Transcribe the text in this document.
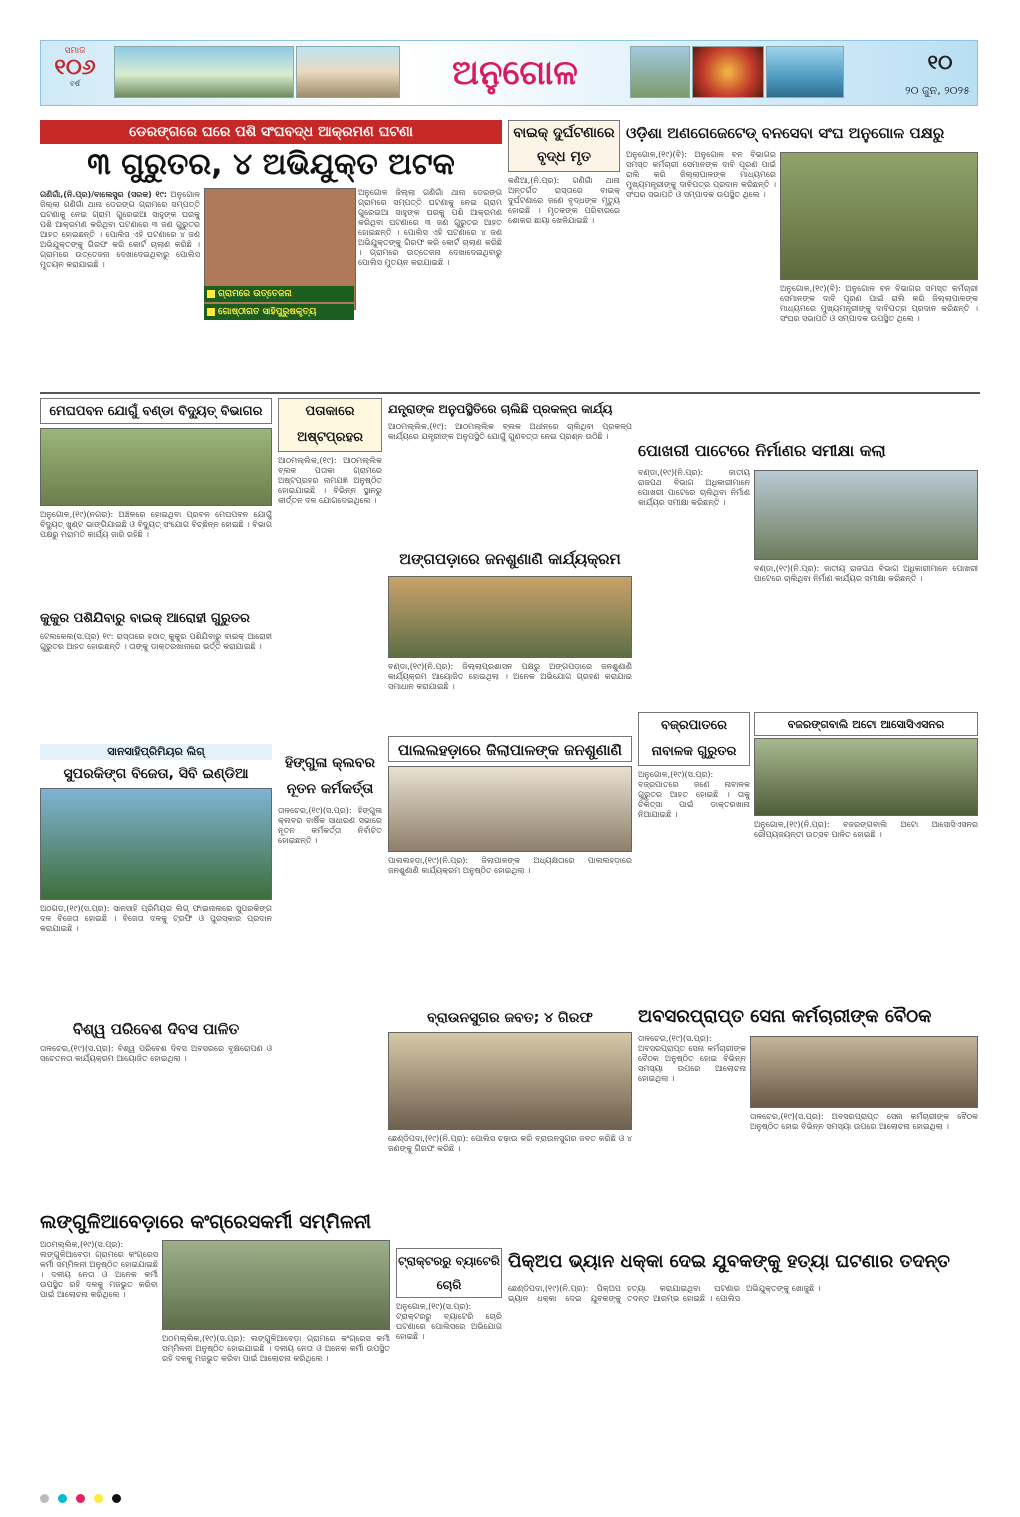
ସମାଜ
୧୦୬
ବର୍ଷ	ଅନୁଗୋଳ	୧୦
୨୦ ଜୁନ, ୨୦୨୫
ଡେରଙ୍ଗରେ ଘରେ ପଶି ସଂଘବଦ୍ଧ ଆକ୍ରମଣ ଘଟଣା
୩ ଗୁରୁତର, ୪ ଅଭିଯୁକ୍ତ ଅଟକ
ଗଣିଗାଁ,(ନି.ପ୍ର)/ବାଲେସୁର (ସରକ) ୧୯: ଅନୁଗୋଳ ଜିଲ୍ଲା ଗଣିଗାଁ ଥାନା ଡେରଙ୍ଗ ଗ୍ରାମରେ ସମ୍ପତ୍ତି ଘଟଣାକୁ ନେଇ ଗ୍ରାମ ଗୁରେଇଆ ସାହୁଙ୍କ ଘରକୁ ପଶି ଆକ୍ରମଣ କରିଥିବା ଘଟଣାରେ ୩ ଜଣ ଗୁରୁତର ଆହତ ହୋଇଛନ୍ତି । ପୋଲିସ ଏହି ଘଟଣାରେ ୪ ଜଣ ଅଭିଯୁକ୍ତଙ୍କୁ ଗିରଫ କରି କୋର୍ଟ ଚାଲାଣ କରିଛି । ଗ୍ରାମରେ ଉତ୍ତେଜନା ଦେଖାଦେଇଥିବାରୁ ପୋଲିସ ମୁତୟନ କରାଯାଇଛି ।
ଗ୍ରାମରେ ଉତ୍ତେଜନା
ଗୋଷ୍ଠୀଗତ ସାହିପୁରୁଷକୃତ୍ୟ
ଅନୁଗୋଳ ଜିଲ୍ଲା ଗଣିଗାଁ ଥାନା ଡେରଙ୍ଗ ଗ୍ରାମରେ ସମ୍ପତ୍ତି ଘଟଣାକୁ ନେଇ ଗ୍ରାମ ଗୁରେଇଆ ସାହୁଙ୍କ ଘରକୁ ପଶି ଆକ୍ରମଣ କରିଥିବା ଘଟଣାରେ ୩ ଜଣ ଗୁରୁତର ଆହତ ହୋଇଛନ୍ତି । ପୋଲିସ ଏହି ଘଟଣାରେ ୪ ଜଣ ଅଭିଯୁକ୍ତଙ୍କୁ ଗିରଫ କରି କୋର୍ଟ ଚାଲାଣ କରିଛି । ଗ୍ରାମରେ ଉତ୍ତେଜନା ଦେଖାଦେଇଥିବାରୁ ପୋଲିସ ମୁତୟନ କରାଯାଇଛି ।
ବାଇକ୍ ଦୁର୍ଘଟଣାରେ ବୃଦ୍ଧ ମୃତ
କଣିଆ,(ନି.ପ୍ର): ଗଣିଗାଁ ଥାନା ଅନ୍ତର୍ଗତ ରାସ୍ତାରେ ବାଇକ୍ ଦୁର୍ଘଟଣାରେ ଜଣେ ବୃଦ୍ଧଙ୍କ ମୃତ୍ୟୁ ହୋଇଛି । ମୃତକଙ୍କ ପରିବାରରେ ଶୋକର ଛାୟା ଖେଳିଯାଇଛି ।
ଓଡ଼ିଶା ଅଣଗେଜେଟେଡ୍ ବନସେବା ସଂଘ ଅନୁଗୋଳ ପକ୍ଷରୁ
ଅନୁଗୋଳ,(୧୯)(ବି): ଅନୁଗୋଳ ବନ ବିଭାଗର ସମସ୍ତ କର୍ମଚାରୀ ସେମାନଙ୍କ ଦାବି ପୂରଣ ପାଇଁ ରାଲି କରି ଜିଲ୍ଲାପାଳଙ୍କ ମାଧ୍ୟମରେ ମୁଖ୍ୟମନ୍ତ୍ରୀଙ୍କୁ ଦାବିପତ୍ର ପ୍ରଦାନ କରିଛନ୍ତି । ସଂଘର ସଭାପତି ଓ ସମ୍ପାଦକ ଉପସ୍ଥିତ ଥିଲେ ।
ଅନୁଗୋଳ,(୧୯)(ବି): ଅନୁଗୋଳ ବନ ବିଭାଗର ସମସ୍ତ କର୍ମଚାରୀ ସେମାନଙ୍କ ଦାବି ପୂରଣ ପାଇଁ ରାଲି କରି ଜିଲ୍ଲାପାଳଙ୍କ ମାଧ୍ୟମରେ ମୁଖ୍ୟମନ୍ତ୍ରୀଙ୍କୁ ଦାବିପତ୍ର ପ୍ରଦାନ କରିଛନ୍ତି । ସଂଘର ସଭାପତି ଓ ସମ୍ପାଦକ ଉପସ୍ଥିତ ଥିଲେ ।
ମେଘପବନ ଯୋଗୁଁ ବଣ୍ଡା ବିଦ୍ୟୁତ୍ ବିଭାଗର
ଅନୁଗୋଳ,(୧୯)(ନଗର): ଅଞ୍ଚଳରେ ହୋଇଥିବା ପ୍ରବଳ ମେଘପବନ ଯୋଗୁଁ ବିଦ୍ୟୁତ୍ ଖୁଣ୍ଟ ଭାଙ୍ଗିଯାଇଛି ଓ ବିଦ୍ୟୁତ୍ ସଂଯୋଗ ବିଚ୍ଛିନ୍ନ ହୋଇଛି । ବିଭାଗ ପକ୍ଷରୁ ମରାମତି କାର୍ଯ୍ୟ ଜାରି ରହିଛି ।
କୁକୁର ପଶିଯିବାରୁ ବାଇକ୍ ଆରୋହୀ ଗୁରୁତର
ଟେଲକେଲ(ସ.ପ୍ର) ୧୯: ରାସ୍ତାରେ ହଠାତ୍ କୁକୁର ପଶିଯିବାରୁ ବାଇକ୍ ଆରୋହୀ ଗୁରୁତର ଆହତ ହୋଇଛନ୍ତି । ତାଙ୍କୁ ଡାକ୍ତରଖାନାରେ ଭର୍ତ୍ତି କରାଯାଇଛି ।
ସାନସାହିପ୍ରିମିୟର ଲିଗ୍
ସୁପରକିଙ୍ଗ ବିଜେତା, ସିବି ଇଣ୍ଡିଆ
ଅଠଗଡ,(୧୯)(ସ.ପ୍ର): ସାନସାହି ପ୍ରିମିୟର ଲିଗ୍ ଫାଇନାଲରେ ସୁପରକିଙ୍ଗ ଦଳ ବିଜେତା ହୋଇଛି । ବିଜେତା ଦଳକୁ ଟ୍ରଫି ଓ ପୁରସ୍କାର ପ୍ରଦାନ କରାଯାଇଛି ।
ବିଶ୍ୱ ପରିବେଶ ଦିବସ ପାଳିତ
ତାଳଚେର,(୧୯)(ସ.ପ୍ର): ବିଶ୍ୱ ପରିବେଶ ଦିବସ ଅବସରରେ ବୃକ୍ଷରୋପଣ ଓ ସଚେତନତା କାର୍ଯ୍ୟକ୍ରମ ଆୟୋଜିତ ହୋଇଥିଲା ।
ଲଙ୍ଗୁଳିଆବେଡ଼ାରେ କଂଗ୍ରେସକର୍ମୀ ସମ୍ମିଳନୀ
ଅଠମଲ୍ଲିକ,(୧୯)(ସ.ପ୍ର): ଲଙ୍ଗୁଳିଆବେଡ଼ା ଗ୍ରାମରେ କଂଗ୍ରେସ କର୍ମୀ ସମ୍ମିଳନୀ ଅନୁଷ୍ଠିତ ହୋଇଯାଇଛି । ଦଳୀୟ ନେତା ଓ ଅନେକ କର୍ମୀ ଉପସ୍ଥିତ ରହି ଦଳକୁ ମଜଭୁତ କରିବା ପାଇଁ ଆଲୋଚନା କରିଥିଲେ ।
ଅଠମଲ୍ଲିକ,(୧୯)(ସ.ପ୍ର): ଲଙ୍ଗୁଳିଆବେଡ଼ା ଗ୍ରାମରେ କଂଗ୍ରେସ କର୍ମୀ ସମ୍ମିଳନୀ ଅନୁଷ୍ଠିତ ହୋଇଯାଇଛି । ଦଳୀୟ ନେତା ଓ ଅନେକ କର୍ମୀ ଉପସ୍ଥିତ ରହି ଦଳକୁ ମଜଭୁତ କରିବା ପାଇଁ ଆଲୋଚନା କରିଥିଲେ ।
ପତାକାରେ ଅଷ୍ଟପ୍ରହର
ଆଠମଲ୍ଲିକ,(୧୯): ଆଠମଲ୍ଲିକ ବ୍ଲକ ପତାକା ଗ୍ରାମରେ ଅଷ୍ଟପ୍ରହର ନାମଯଜ୍ଞ ଅନୁଷ୍ଠିତ ହୋଇଯାଇଛି । ବିଭିନ୍ନ ସ୍ଥାନରୁ କୀର୍ତ୍ତନ ଦଳ ଯୋଗଦେଇଥିଲେ ।
ହିଙ୍ଗୁଳା କ୍ଲବର ନୂତନ କର୍ମକର୍ତ୍ତା
ତାଳଚେର,(୧୯)(ସ.ପ୍ର): ହିଙ୍ଗୁଳା କ୍ଲବର ବାର୍ଷିକ ସାଧାରଣ ସଭାରେ ନୂତନ କର୍ମକର୍ତ୍ତା ନିର୍ବାଚିତ ହୋଇଛନ୍ତି ।
ଯନ୍ତ୍ରାଙ୍କ ଅନୁପସ୍ଥିତିରେ ଚାଲିଛି ପ୍ରକଳ୍ପ କାର୍ଯ୍ୟ
ଆଠମଲ୍ଲିକ,(୧୯): ଆଠମଲ୍ଲିକ ବ୍ଲକ ଅଧୀନରେ ଚାଲିଥିବା ପ୍ରକଳ୍ପ କାର୍ଯ୍ୟରେ ଯନ୍ତ୍ରୀଙ୍କ ଅନୁପସ୍ଥିତି ଯୋଗୁଁ ଗୁଣବତ୍ତା ନେଇ ପ୍ରଶ୍ନ ଉଠିଛି ।
ଅଙ୍ଗପଡ଼ାରେ ଜନଶୁଣାଣି କାର୍ଯ୍ୟକ୍ରମ
ବଣ୍ଡା,(୧୯)(ନି.ପ୍ର): ଜିଲ୍ଲାପ୍ରଶାସନ ପକ୍ଷରୁ ଅଙ୍ଗପଡ଼ାରେ ଜନଶୁଣାଣି କାର୍ଯ୍ୟକ୍ରମ ଆୟୋଜିତ ହୋଇଥିଲା । ଅନେକ ଅଭିଯୋଗ ଗ୍ରହଣ କରାଯାଇ ସମାଧାନ କରାଯାଇଛି ।
ପାଲଲହଡ଼ାରେ ଜିଲାପାଳଙ୍କ ଜନଶୁଣାଣି
ପାଲଲହଡ଼ା,(୧୯)(ନି.ପ୍ର): ଜିଲାପାଳଙ୍କ ଅଧ୍ୟକ୍ଷତାରେ ପାଲଲହଡ଼ାରେ ଜନଶୁଣାଣି କାର୍ଯ୍ୟକ୍ରମ ଅନୁଷ୍ଠିତ ହୋଇଥିଲା ।
ବ୍ରାଉନସୁଗର ଜବତ; ୪ ଗିରଫ
ଛେଣ୍ଡିପଦା,(୧୯)(ନି.ପ୍ର): ପୋଲିସ ଚଢ଼ାଉ କରି ବ୍ରାଉନସୁଗର ଜବତ କରିଛି ଓ ୪ ଜଣଙ୍କୁ ଗିରଫ କରିଛି ।
ପୋଖରୀ ପାଟେରେ ନିର୍ମାଣର ସମୀକ୍ଷା କଲା
ବଣ୍ଡା,(୧୯)(ନି.ପ୍ର): ଜାତୀୟ ରାଜପଥ ବିଭାଗ ଅଧିକାରୀମାନେ ପୋଖରୀ ପାଟେରେ ଚାଲିଥିବା ନିର୍ମାଣ କାର୍ଯ୍ୟର ସମୀକ୍ଷା କରିଛନ୍ତି ।
ବଣ୍ଡା,(୧୯)(ନି.ପ୍ର): ଜାତୀୟ ରାଜପଥ ବିଭାଗ ଅଧିକାରୀମାନେ ପୋଖରୀ ପାଟେରେ ଚାଲିଥିବା ନିର୍ମାଣ କାର୍ଯ୍ୟର ସମୀକ୍ଷା କରିଛନ୍ତି ।
ବଜ୍ରପାତରେ ନାବାଳକ ଗୁରୁତର
ଅନୁଗୋଳ,(୧୯)(ସ.ପ୍ର): ବଜ୍ରପାତରେ ଜଣେ ନାବାଳକ ଗୁରୁତର ଆହତ ହୋଇଛି । ତାକୁ ଚିକିତ୍ସା ପାଇଁ ଡାକ୍ତରଖାନା ନିଆଯାଇଛି ।
ବଜରଙ୍ଗବାଲି ଅଟୋ ଆସୋସିଏସନର
ଅନୁଗୋଳ,(୧୯)(ନି.ପ୍ର): ବଜରଙ୍ଗବାଲି ଅଟୋ ଆସୋସିଏସନର ରୌପ୍ୟଜୟନ୍ତୀ ଉତ୍ସବ ପାଳିତ ହୋଇଛି ।
ଅବସରପ୍ରାପ୍ତ ସେନା କର୍ମଚାରୀଙ୍କ ବୈଠକ
ତାଳଚେର,(୧୯)(ସ.ପ୍ର): ଅବସରପ୍ରାପ୍ତ ସେନା କର୍ମଚାରୀଙ୍କ ବୈଠକ ଅନୁଷ୍ଠିତ ହୋଇ ବିଭିନ୍ନ ସମସ୍ୟା ଉପରେ ଆଲୋଚନା ହୋଇଥିଲା ।
ତାଳଚେର,(୧୯)(ସ.ପ୍ର): ଅବସରପ୍ରାପ୍ତ ସେନା କର୍ମଚାରୀଙ୍କ ବୈଠକ ଅନୁଷ୍ଠିତ ହୋଇ ବିଭିନ୍ନ ସମସ୍ୟା ଉପରେ ଆଲୋଚନା ହୋଇଥିଲା ।
ଟ୍ରାକ୍ଟରରୁ ବ୍ୟାଟେରି ଚୋରି
ଅନୁଗୋଳ,(୧୯)(ସ.ପ୍ର): ଟ୍ରାକ୍ଟରରୁ ବ୍ୟାଟେରି ଚୋରି ଘଟଣାରେ ପୋଲିସରେ ଅଭିଯୋଗ ହୋଇଛି ।
ପିକ୍‌ଅପ ଭ୍ୟାନ ଧକ୍କା ଦେଇ ଯୁବକଙ୍କୁ ହତ୍ୟା ଘଟଣାର ତଦନ୍ତ
ଛେଣ୍ଡିପଦା,(୧୯)(ନି.ପ୍ର): ପିକ୍‌ଅପ ଭ୍ୟାନ ଧକ୍କା ଦେଇ ଯୁବକଙ୍କୁ ହତ୍ୟା କରାଯାଇଥିବା ଘଟଣାର ତଦନ୍ତ ଆରମ୍ଭ ହୋଇଛି । ପୋଲିସ ଅଭିଯୁକ୍ତଙ୍କୁ ଖୋଜୁଛି ।
